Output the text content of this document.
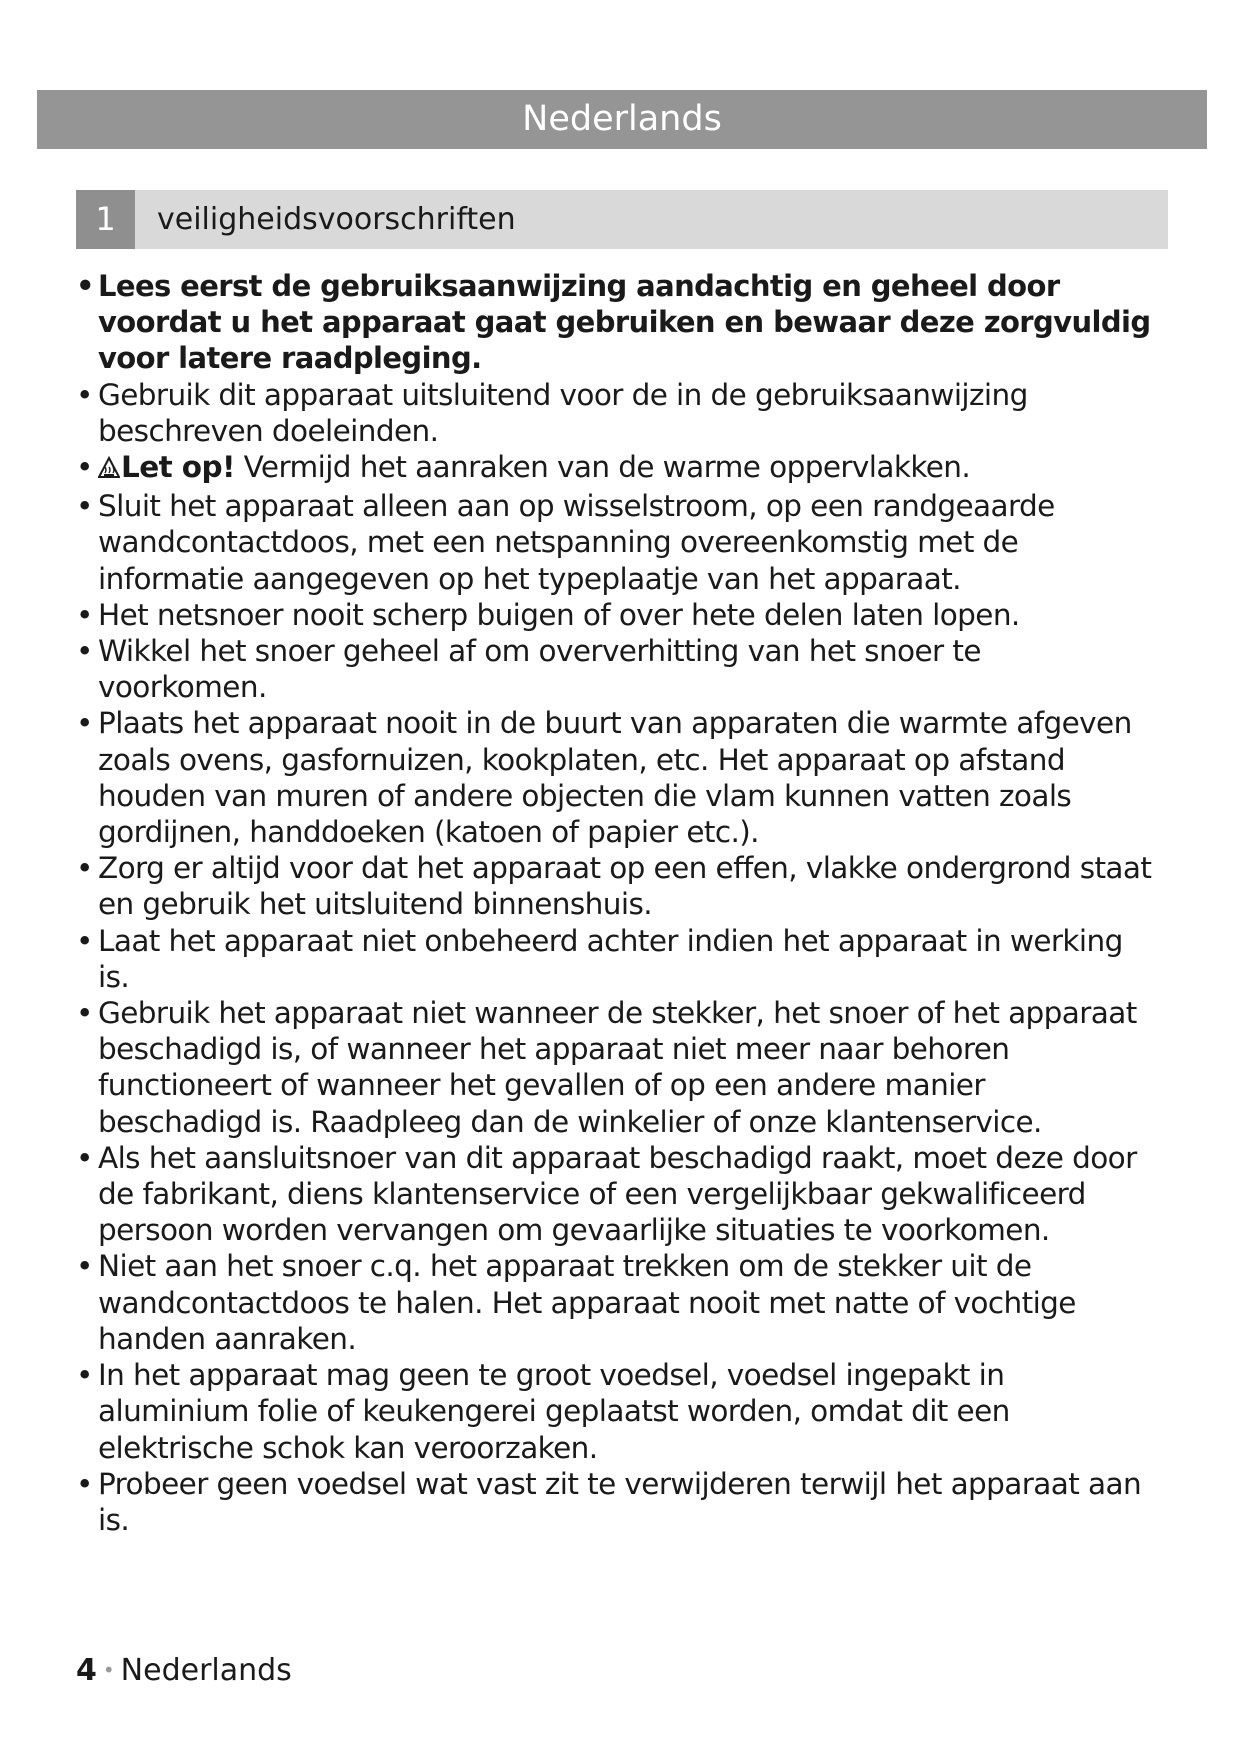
Nederlands
1	veiligheidsvoorschriften
• Lees eerst de gebruiksaanwijzing aandachtig en geheel door voordat u het apparaat gaat gebruiken en bewaar deze zorgvuldig voor latere raadpleging.
• Gebruik dit apparaat uitsluitend voor de in de gebruiksaanwijzing beschreven doeleinden.
• Let op! Vermijd het aanraken van de warme oppervlakken.
• Sluit het apparaat alleen aan op wisselstroom, op een randgeaarde wandcontactdoos, met een netspanning overeenkomstig met de informatie aangegeven op het typeplaatje van het apparaat.
• Het netsnoer nooit scherp buigen of over hete delen laten lopen.
• Wikkel het snoer geheel af om oververhitting van het snoer te voorkomen.
• Plaats het apparaat nooit in de buurt van apparaten die warmte afgeven zoals ovens, gasfornuizen, kookplaten, etc. Het apparaat op afstand houden van muren of andere objecten die vlam kunnen vatten zoals gordijnen, handdoeken (katoen of papier etc.).
• Zorg er altijd voor dat het apparaat op een effen, vlakke ondergrond staat en gebruik het uitsluitend binnenshuis.
• Laat het apparaat niet onbeheerd achter indien het apparaat in werking is.
• Gebruik het apparaat niet wanneer de stekker, het snoer of het apparaat beschadigd is, of wanneer het apparaat niet meer naar behoren functioneert of wanneer het gevallen of op een andere manier beschadigd is. Raadpleeg dan de winkelier of onze klantenservice.
• Als het aansluitsnoer van dit apparaat beschadigd raakt, moet deze door de fabrikant, diens klantenservice of een vergelijkbaar gekwalificeerd persoon worden vervangen om gevaarlijke situaties te voorkomen.
• Niet aan het snoer c.q. het apparaat trekken om de stekker uit de wandcontactdoos te halen. Het apparaat nooit met natte of vochtige handen aanraken.
• In het apparaat mag geen te groot voedsel, voedsel ingepakt in aluminium folie of keukengerei geplaatst worden, omdat dit een elektrische schok kan veroorzaken.
• Probeer geen voedsel wat vast zit te verwijderen terwijl het apparaat aan is.
4 • Nederlands
